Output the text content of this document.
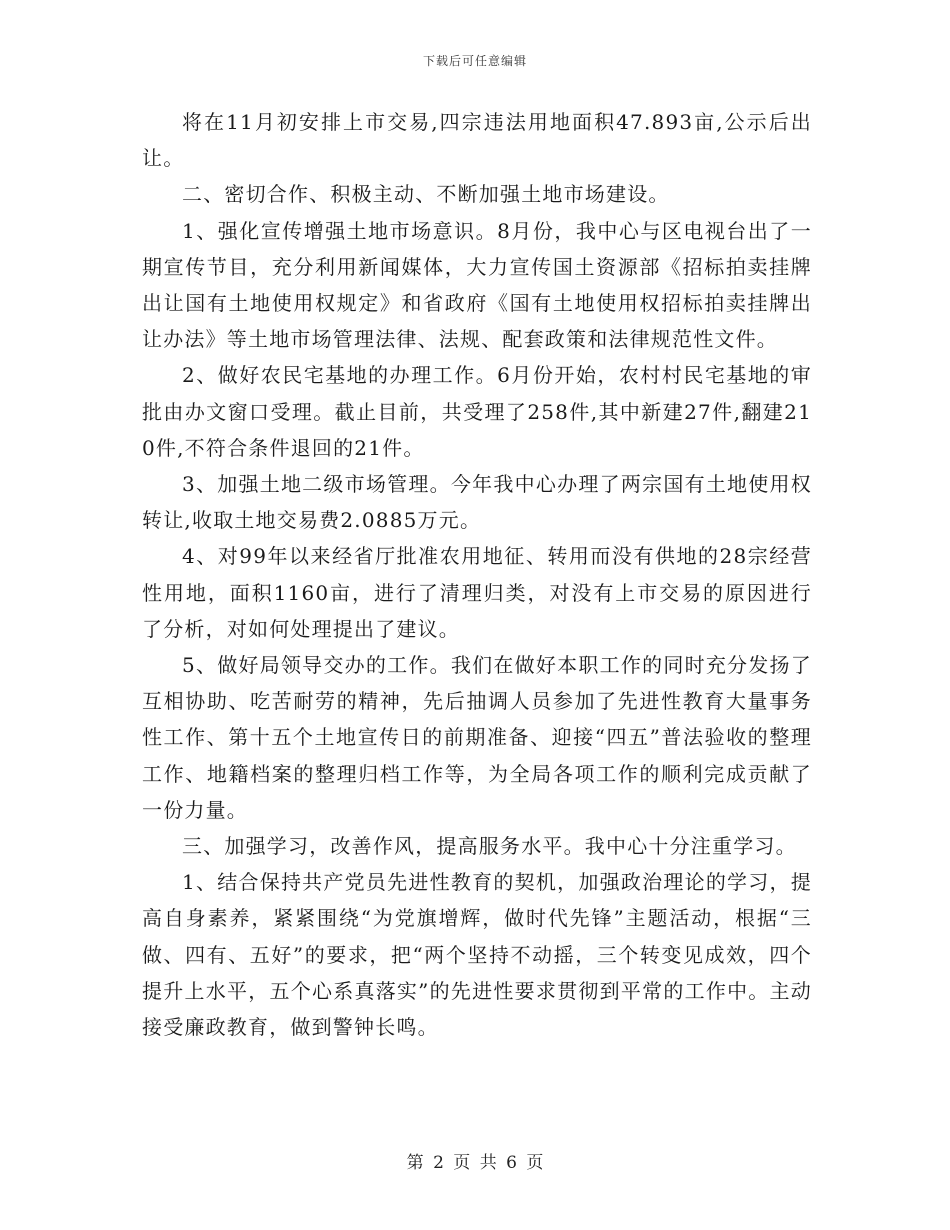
下载后可任意编辑

将在11月初安排上市交易,四宗违法用地面积47.893亩,公示后出让。

二、密切合作、积极主动、不断加强土地市场建设。

1、强化宣传增强土地市场意识。8月份，我中心与区电视台出了一期宣传节目，充分利用新闻媒体，大力宣传国土资源部《招标拍卖挂牌出让国有土地使用权规定》和省政府《国有土地使用权招标拍卖挂牌出让办法》等土地市场管理法律、法规、配套政策和法律规范性文件。

2、做好农民宅基地的办理工作。6月份开始，农村村民宅基地的审批由办文窗口受理。截止目前，共受理了258件,其中新建27件,翻建210件,不符合条件退回的21件。

3、加强土地二级市场管理。今年我中心办理了两宗国有土地使用权转让,收取土地交易费2.0885万元。

4、对99年以来经省厅批准农用地征、转用而没有供地的28宗经营性用地，面积1160亩，进行了清理归类，对没有上市交易的原因进行了分析，对如何处理提出了建议。

5、做好局领导交办的工作。我们在做好本职工作的同时充分发扬了互相协助、吃苦耐劳的精神，先后抽调人员参加了先进性教育大量事务性工作、第十五个土地宣传日的前期准备、迎接“四五”普法验收的整理工作、地籍档案的整理归档工作等，为全局各项工作的顺利完成贡献了一份力量。

三、加强学习，改善作风，提高服务水平。我中心十分注重学习。

1、结合保持共产党员先进性教育的契机，加强政治理论的学习，提高自身素养，紧紧围绕“为党旗增辉，做时代先锋”主题活动，根据“三做、四有、五好”的要求，把“两个坚持不动摇，三个转变见成效，四个提升上水平，五个心系真落实”的先进性要求贯彻到平常的工作中。主动接受廉政教育，做到警钟长鸣。

第 2 页 共 6 页
